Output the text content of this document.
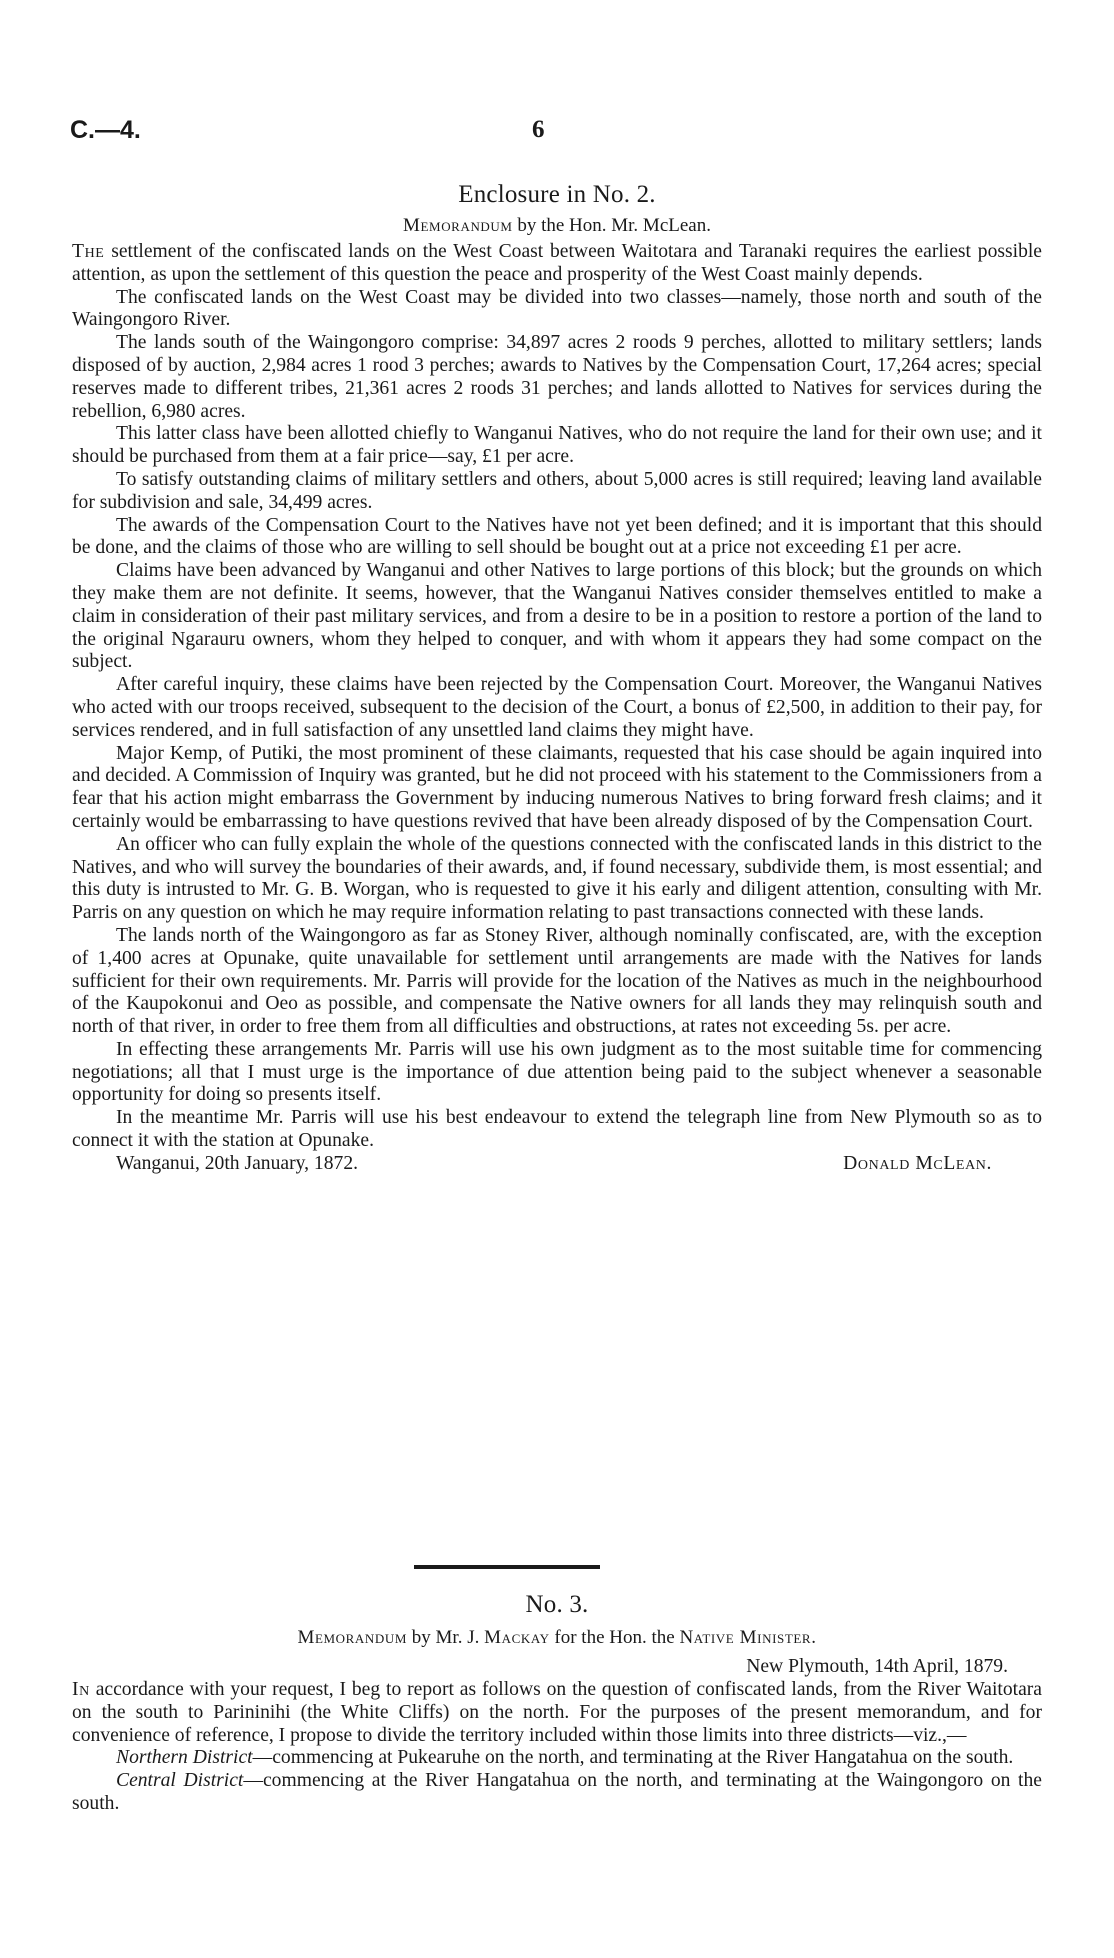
C.—4.	6
Enclosure in No. 2.
Memorandum by the Hon. Mr. McLean.

The settlement of the confiscated lands on the West Coast between Waitotara and Taranaki requires the earliest possible attention, as upon the settlement of this question the peace and prosperity of the West Coast mainly depends.

The confiscated lands on the West Coast may be divided into two classes—namely, those north and south of the Waingongoro River.

The lands south of the Waingongoro comprise: 34,897 acres 2 roods 9 perches, allotted to military settlers; lands disposed of by auction, 2,984 acres 1 rood 3 perches; awards to Natives by the Compensation Court, 17,264 acres; special reserves made to different tribes, 21,361 acres 2 roods 31 perches; and lands allotted to Natives for services during the rebellion, 6,980 acres.

This latter class have been allotted chiefly to Wanganui Natives, who do not require the land for their own use; and it should be purchased from them at a fair price—say, £1 per acre.

To satisfy outstanding claims of military settlers and others, about 5,000 acres is still required; leaving land available for subdivision and sale, 34,499 acres.

The awards of the Compensation Court to the Natives have not yet been defined; and it is important that this should be done, and the claims of those who are willing to sell should be bought out at a price not exceeding £1 per acre.

Claims have been advanced by Wanganui and other Natives to large portions of this block; but the grounds on which they make them are not definite. It seems, however, that the Wanganui Natives consider themselves entitled to make a claim in consideration of their past military services, and from a desire to be in a position to restore a portion of the land to the original Ngarauru owners, whom they helped to conquer, and with whom it appears they had some compact on the subject.

After careful inquiry, these claims have been rejected by the Compensation Court. Moreover, the Wanganui Natives who acted with our troops received, subsequent to the decision of the Court, a bonus of £2,500, in addition to their pay, for services rendered, and in full satisfaction of any unsettled land claims they might have.

Major Kemp, of Putiki, the most prominent of these claimants, requested that his case should be again inquired into and decided. A Commission of Inquiry was granted, but he did not proceed with his statement to the Commissioners from a fear that his action might embarrass the Government by inducing numerous Natives to bring forward fresh claims; and it certainly would be embarrassing to have questions revived that have been already disposed of by the Compensation Court.

An officer who can fully explain the whole of the questions connected with the confiscated lands in this district to the Natives, and who will survey the boundaries of their awards, and, if found necessary, subdivide them, is most essential; and this duty is intrusted to Mr. G. B. Worgan, who is requested to give it his early and diligent attention, consulting with Mr. Parris on any question on which he may require information relating to past transactions connected with these lands.

The lands north of the Waingongoro as far as Stoney River, although nominally confiscated, are, with the exception of 1,400 acres at Opunake, quite unavailable for settlement until arrangements are made with the Natives for lands sufficient for their own requirements. Mr. Parris will provide for the location of the Natives as much in the neighbourhood of the Kaupokonui and Oeo as possible, and compensate the Native owners for all lands they may relinquish south and north of that river, in order to free them from all difficulties and obstructions, at rates not exceeding 5s. per acre.

In effecting these arrangements Mr. Parris will use his own judgment as to the most suitable time for commencing negotiations; all that I must urge is the importance of due attention being paid to the subject whenever a seasonable opportunity for doing so presents itself.

In the meantime Mr. Parris will use his best endeavour to extend the telegraph line from New Plymouth so as to connect it with the station at Opunake.

Wanganui, 20th January, 1872.	Donald McLean.
No. 3.
Memorandum by Mr. J. Mackay for the Hon. the Native Minister.
New Plymouth, 14th April, 1879.

In accordance with your request, I beg to report as follows on the question of confiscated lands, from the River Waitotara on the south to Parininihi (the White Cliffs) on the north. For the purposes of the present memorandum, and for convenience of reference, I propose to divide the territory included within those limits into three districts—viz.,—

Northern District—commencing at Pukearuhe on the north, and terminating at the River Hangatahua on the south.

Central District—commencing at the River Hangatahua on the north, and terminating at the Waingongoro on the south.
